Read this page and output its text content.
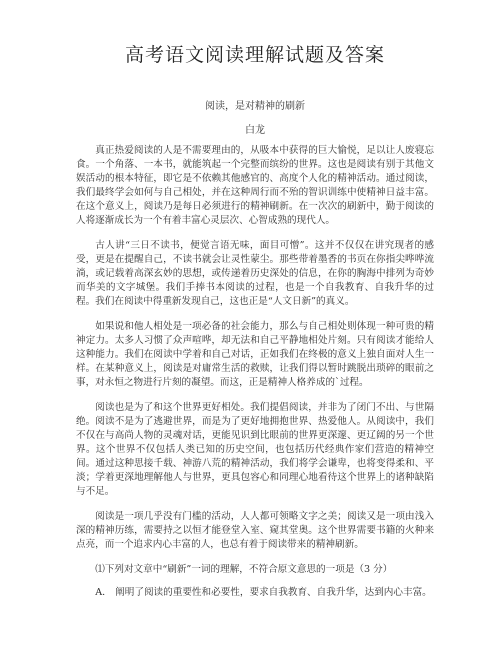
高考语文阅读理解试题及答案
阅读，是对精神的刷新
白龙

真正热爱阅读的人是不需要理由的，从吸本中获得的巨大愉悦，足以让人废寝忘食。一个角落、一本书，就能筑起一个完整而缤纷的世界。这也是阅读有别于其他文娱活动的根本特征，即它是不依赖其他感官的、高度个人化的精神活动。通过阅读，我们最终学会如何与自己相处，并在这种周行而不殆的智识训练中使精神日益丰富。在这个意义上，阅读乃是每日必须进行的精神刷新。在一次次的刷新中，勤于阅读的人将逐渐成长为一个有着丰富心灵层次、心智成熟的现代人。

古人讲“三日不读书，便觉言语无味，面目可憎”。这并不仅仅在讲究现者的感受，更是在提醒自己，不读书就会让灵性蒙尘。那些带着墨香的书页在你指尖哗哗流淌，或记载着高深玄妙的思想，或传递着历史深处的信息，在你的胸海中排列为奇妙而华美的文字城堡。我们手捧书本阅读的过程，也是一个自我教育、自我升华的过程。我们在阅读中得重新发现自己，这也正是“人文日新”的真义。

如果说和他人相处是一项必备的社会能力，那么与自己相处则体现一种可贵的精神定力。太多人习惯了众声喧哗，却无法和自己平静地相处片刻。只有阅读才能给人这种能力。我们在阅读中学着和自己对话，正如我们在终极的意义上独自面对人生一样。在某种意义上，阅读是对庸常生活的救赎，让我们得以暂时跳脱出琐碎的眼前之事，对永恒之物进行片刻的凝望。而这，正是精神人格养成的`过程。

阅读也是为了和这个世界更好相处。我们提倡阅读，并非为了闭门不出、与世隔绝。阅读不是为了逃避世界，而是为了更好地拥抱世界、热爱他人。从阅读中，我们不仅在与高尚人物的灵魂对话，更能见识到比眼前的世界更深邃、更辽阔的另一个世界。这个世界不仅包括人类已知的历史空间，也包括历代经典作家们营造的精神空间。通过这种思接千载、神游八荒的精神活动，我们将学会谦卑，也将变得柔和、平淡；学着更深地理解他人与世界，更具包容心和同理心地看待这个世界上的诸种缺陷与不足。

阅读是一项几乎没有门槛的活动，人人都可领略文字之美；阅读又是一项由浅入深的精神历练，需要持之以恒才能登堂入室、窥其堂奥。这个世界需要书籍的火种来点亮，而一个追求内心丰富的人，也总有着于阅读带来的精神刷新。

⑴下列对文章中“刷新”一词的理解，不符合原文意思的一项是（3 分）

A. 阐明了阅读的重要性和必要性，要求自我教育、自我升华，达到内心丰富。
